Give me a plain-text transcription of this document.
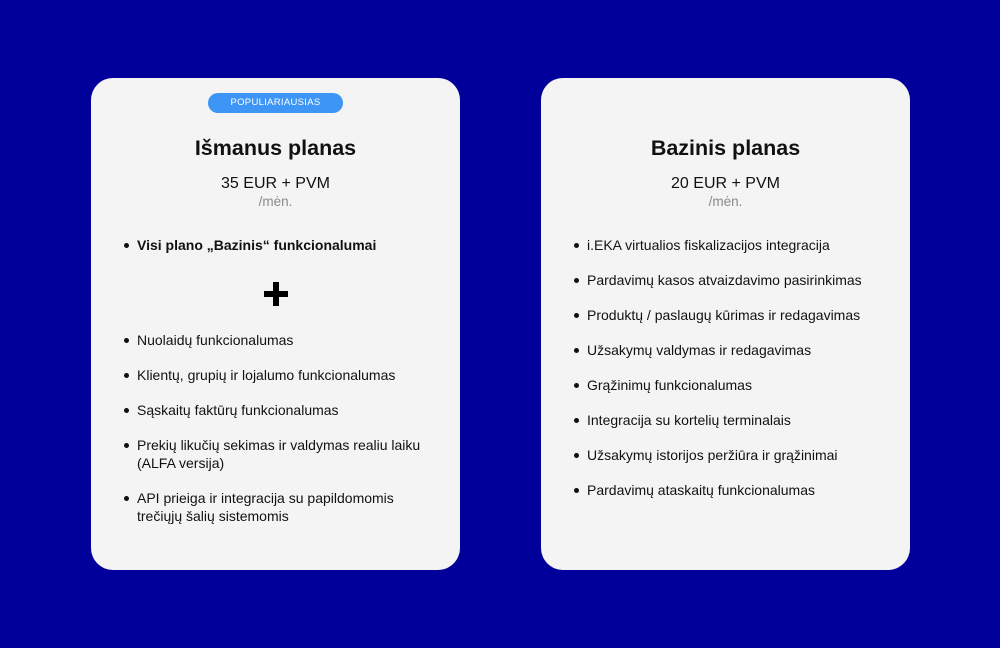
POPULIARIAUSIAS
Išmanus planas
35 EUR + PVM
/mėn.
Visi plano „Bazinis“ funkcionalumai
Nuolaidų funkcionalumas
Klientų, grupių ir lojalumo funkcionalumas
Sąskaitų faktūrų funkcionalumas
Prekių likučių sekimas ir valdymas realiu laiku (ALFA versija)
API prieiga ir integracija su papildomomis trečiųjų šalių sistemomis
Bazinis planas
20 EUR + PVM
/mėn.
i.EKA virtualios fiskalizacijos integracija
Pardavimų kasos atvaizdavimo pasirinkimas
Produktų / paslaugų kūrimas ir redagavimas
Užsakymų valdymas ir redagavimas
Grąžinimų funkcionalumas
Integracija su kortelių terminalais
Užsakymų istorijos peržiūra ir grąžinimai
Pardavimų ataskaitų funkcionalumas
